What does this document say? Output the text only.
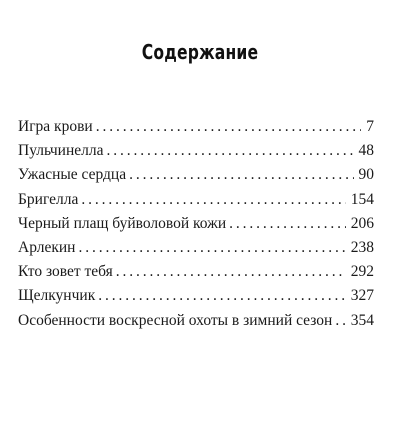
Содержание
Игра крови . . .	7
Пульчинелла . . .	48
Ужасные сердца . . .	90
Бригелла . . .	154
Черный плащ буйволовой кожи . . .	206
Арлекин . . .	238
Кто зовет тебя . . .	292
Щелкунчик . . .	327
Особенности воскресной охоты в зимний сезон . . .	354
